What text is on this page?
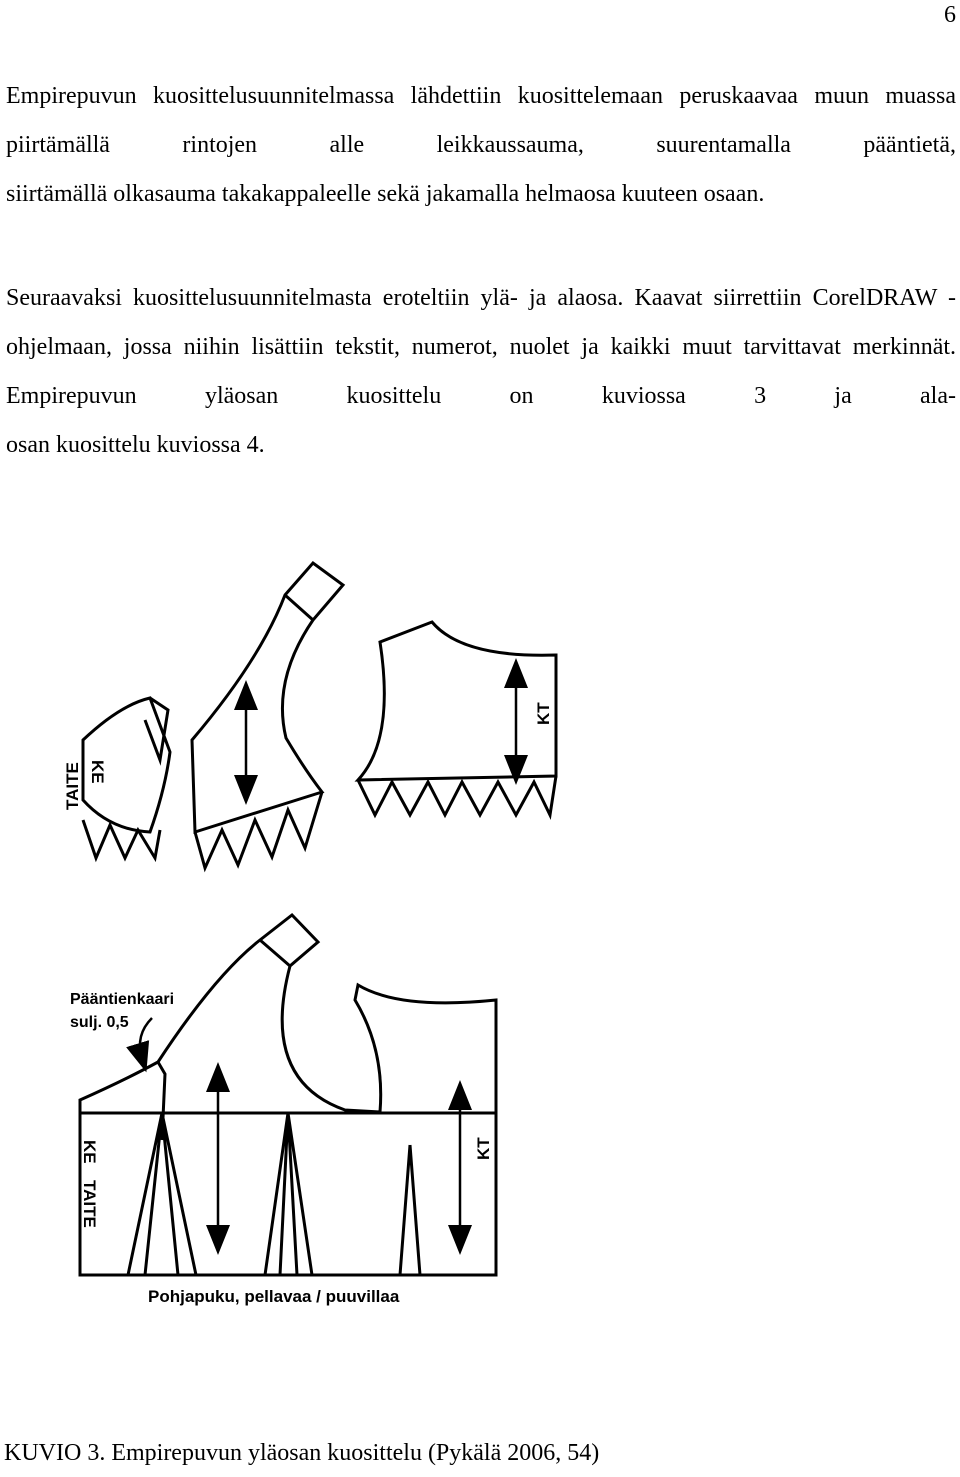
6

Empirepuvun kuosittelusuunnitelmassa lähdettiin kuosittelemaan peruskaavaa muun muassa piirtämällä rintojen alle leikkaussauma, suurentamalla pääntietä,
siirtämällä olkasauma takakappaleelle sekä jakamalla helmaosa kuuteen osaan.

Seuraavaksi kuosittelusuunnitelmasta eroteltiin ylä- ja alaosa. Kaavat siirrettiin CorelDRAW -ohjelmaan, jossa niihin lisättiin tekstit, numerot, nuolet ja kaikki muut tarvittavat merkinnät. Empirepuvun yläosan kuosittelu on kuviossa 3 ja ala-
osan kuosittelu kuviossa 4.

TAITE KE
KT
Pääntienkaari
sulj. 0,5
KE
TAITE
KT
Pohjapuku, pellavaa / puuvillaa
KUVIO 3. Empirepuvun yläosan kuosittelu (Pykälä 2006, 54)
